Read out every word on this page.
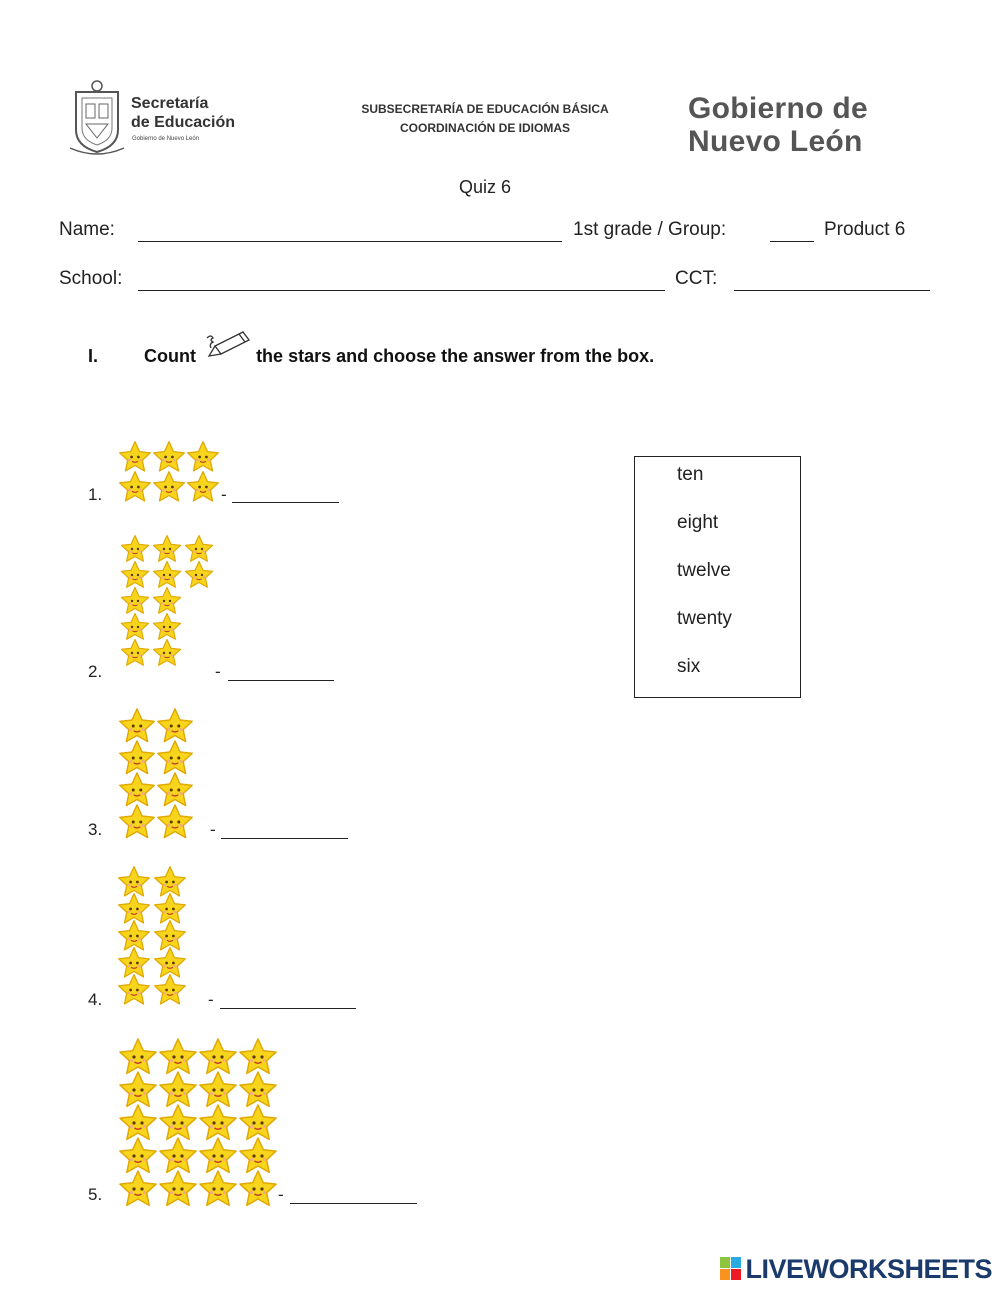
Secretaría
de Educación
Gobierno de Nuevo León
SUBSECRETARÍA DE EDUCACIÓN BÁSICA
COORDINACIÓN DE IDIOMAS
Gobierno de
Nuevo León
Quiz 6
Name:	1st grade / Group:	Product 6
School:	CCT:
I.	Count	the stars and choose the answer from the box.
1.	-
2.	-
3.	-
4.	-
5.	-
ten
eight
twelve
twenty
six
LIVEWORKSHEETS
